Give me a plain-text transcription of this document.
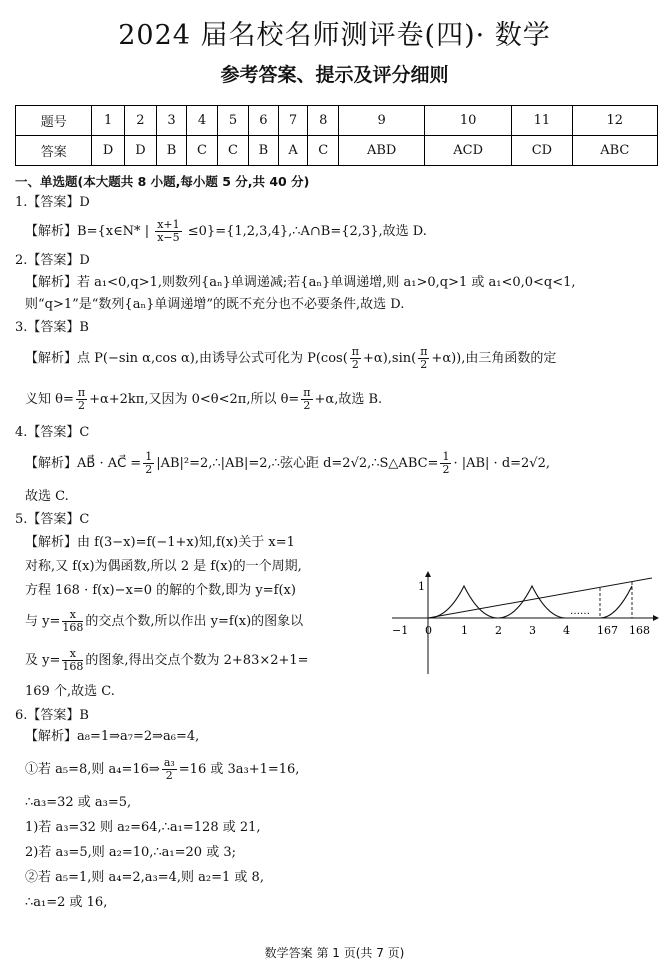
2024 届名校名师测评卷(四)· 数学
参考答案、提示及评分细则
题号	1	2	3	4	5	6	7	8	9	10	11	12
答案	D	D	B	C	C	B	A	C	ABD	ACD	CD	ABC
一、单选题(本大题共 8 小题,每小题 5 分,共 40 分)
1.【答案】D
【解析】B={x∈N* | $\frac{x+1}{x-5}$ ≤0}={1,2,3,4},∴A∩B={2,3},故选 D.
2.【答案】D
【解析】若 a₁<0,q>1,则数列{aₙ}单调递减;若{aₙ}单调递增,则 a₁>0,q>1 或 a₁<0,0<q<1,
则“q>1”是“数列{aₙ}单调递增”的既不充分也不必要条件,故选 D.
3.【答案】B
【解析】点 P(−sin α,cos α),由诱导公式可化为 $P(\cos( \frac{\pi}{2} +\alpha),\sin( \frac{\pi}{2} +\alpha))$,由三角函数的定
义知 $\theta= \frac{\pi}{2} +\alpha+2k\pi$,又因为 0<θ<2π,所以 $\theta= \frac{\pi}{2} +\alpha$,故选 B.
4.【答案】C
【解析】AB⃗ · AC⃗ = $\frac{1}{2}$ |AB|²=2,∴|AB|=2,∴弦心距 d=2√2,∴S△ABC= $\frac{1}{2} \cdot |AB| \cdot d=2√2$,
故选 C.
5.【答案】C
【解析】由 f(3−x)=f(−1+x)知,f(x)关于 x=1
对称,又 f(x)为偶函数,所以 2 是 f(x)的一个周期,
方程 168 · f(x)−x=0 的解的个数,即为 y=f(x)
与 $y= \frac{x}{168}$ 的交点个数,所以作出 y=f(x)的图象以
及 $y= \frac{x}{168}$ 的图象,得出交点个数为 2+83×2+1=
169 个,故选 C.
6.【答案】B
【解析】a₈=1⇒a₇=2⇒a₆=4,
①若 a₅=8,则 a₄=16⇒ $\frac{\text{a₃}}{2} =16$ 或 3a₃+1=16,
∴a₃=32 或 a₃=5,
1)若 a₃=32 则 a₂=64,∴a₁=128 或 21,
2)若 a₃=5,则 a₂=10,∴a₁=20 或 3;
②若 a₅=1,则 a₄=2,a₃=4,则 a₂=1 或 8,
∴a₁=2 或 16,
1
……
−1 0	1 2 3 4 167 168
数学答案 第 1 页(共 7 页)
